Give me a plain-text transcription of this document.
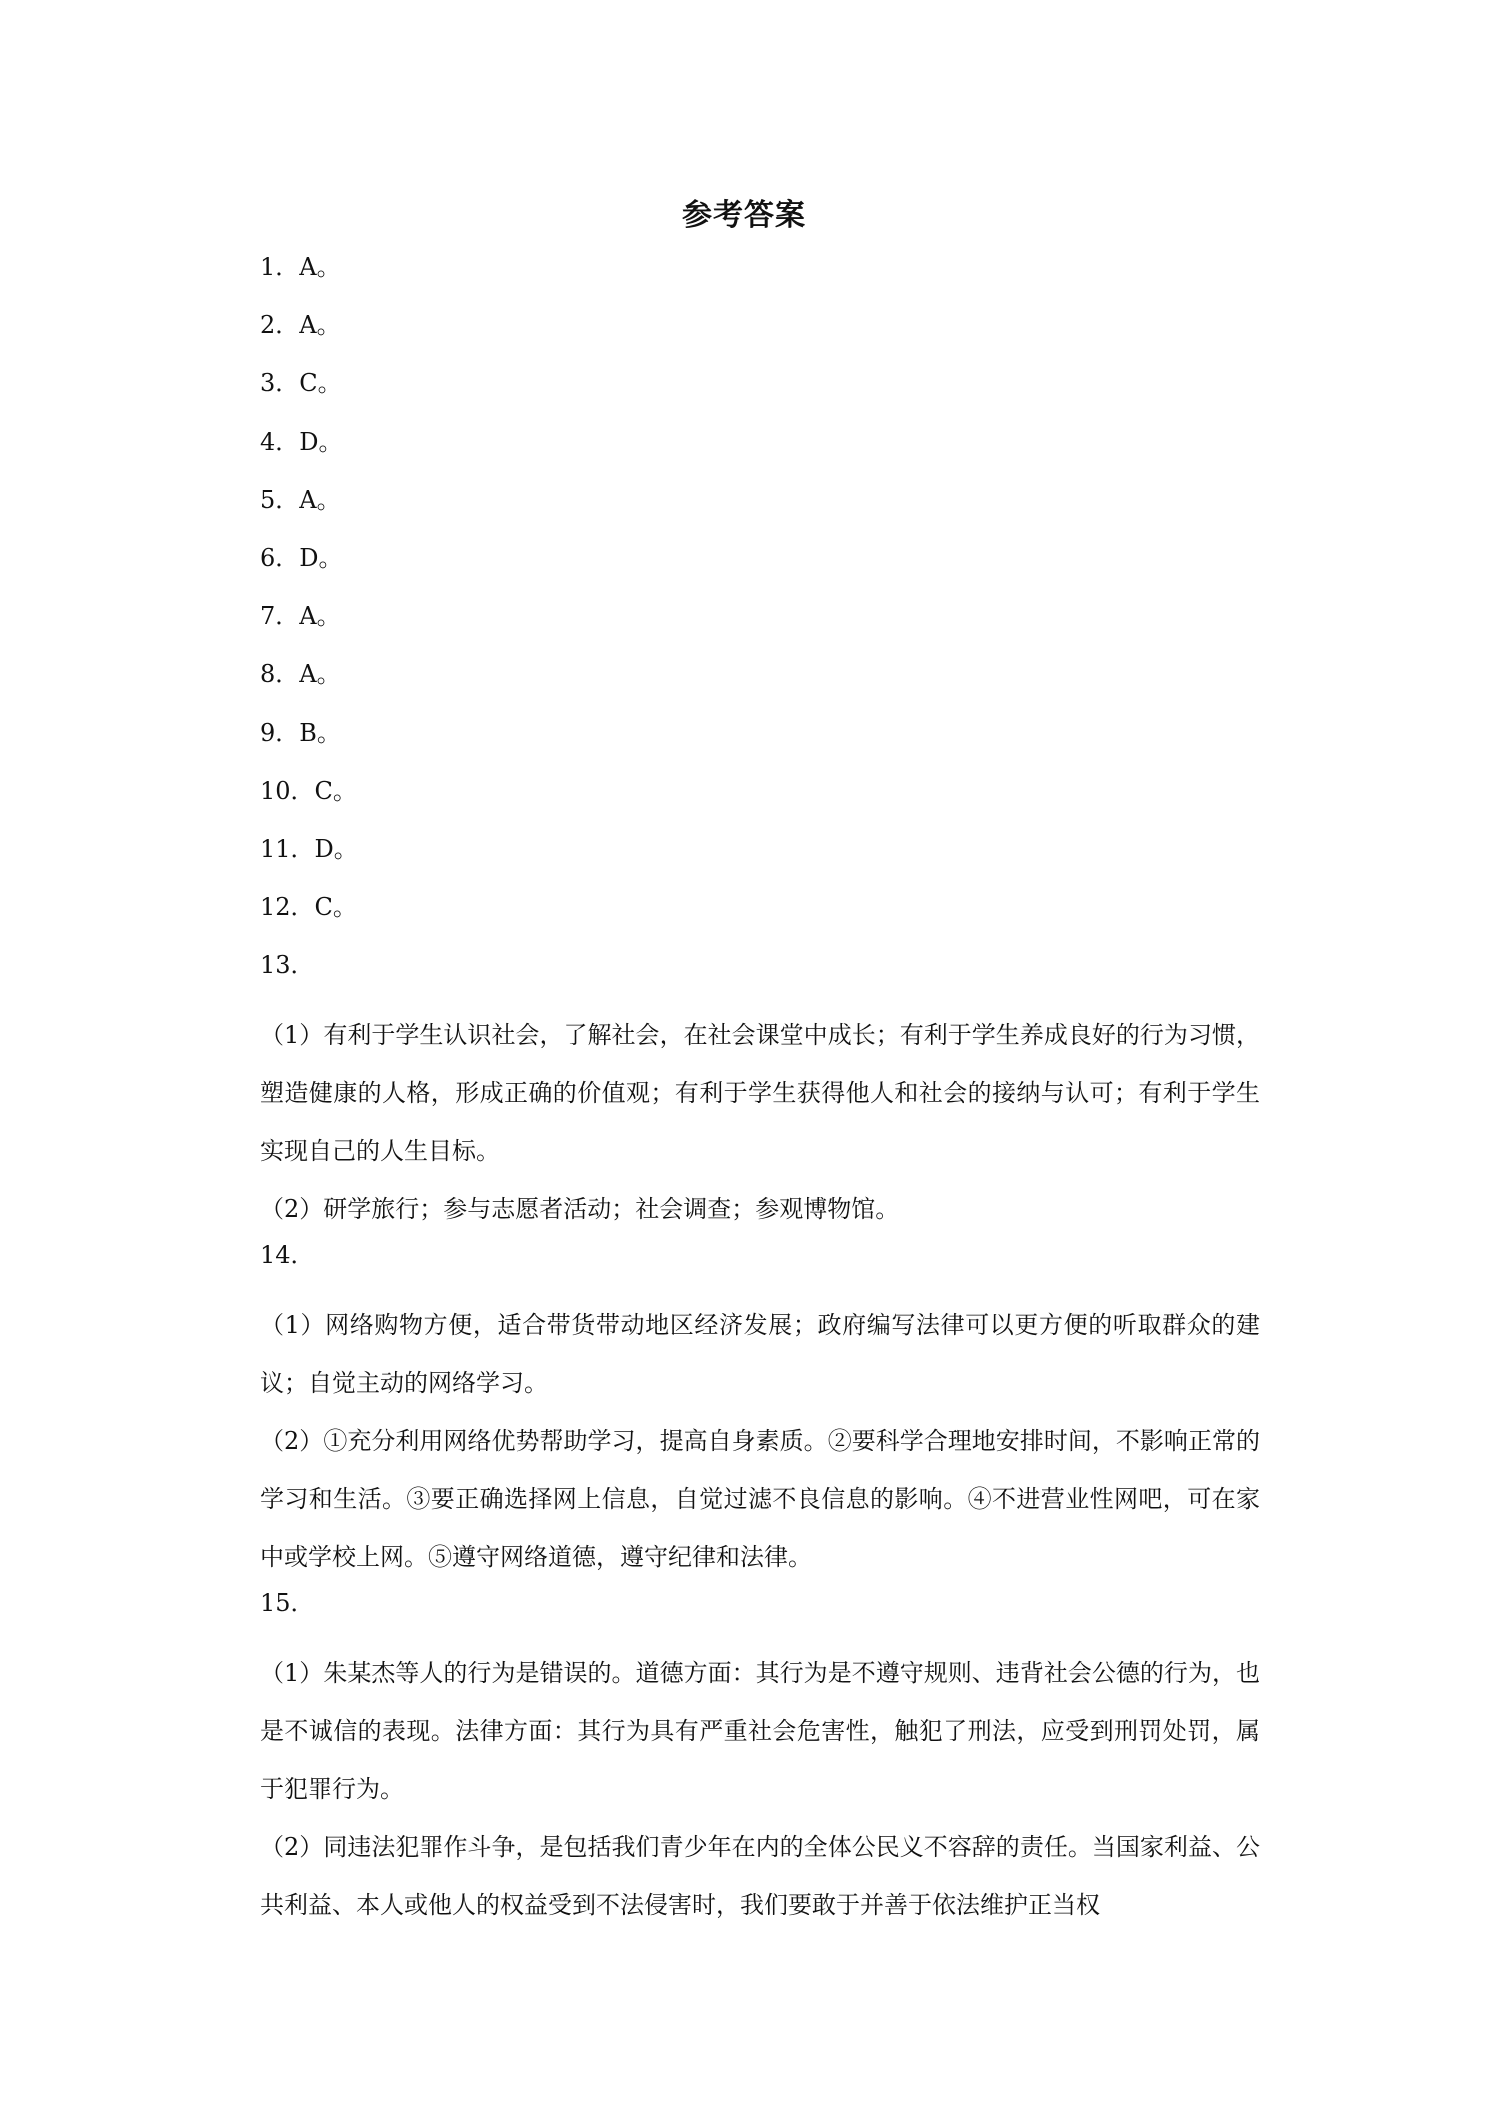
参考答案
1．A。
2．A。
3．C。
4．D。
5．A。
6．D。
7．A。
8．A。
9．B。
10．C。
11．D。
12．C。
13．

（1）有利于学生认识社会，了解社会，在社会课堂中成长；有利于学生养成良好的行为习惯，塑造健康的人格，形成正确的价值观；有利于学生获得他人和社会的接纳与认可；有利于学生实现自己的人生目标。

（2）研学旅行；参与志愿者活动；社会调查；参观博物馆。

14．

（1）网络购物方便，适合带货带动地区经济发展；政府编写法律可以更方便的听取群众的建议；自觉主动的网络学习。

（2）①充分利用网络优势帮助学习，提高自身素质。②要科学合理地安排时间，不影响正常的学习和生活。③要正确选择网上信息，自觉过滤不良信息的影响。④不进营业性网吧，可在家中或学校上网。⑤遵守网络道德，遵守纪律和法律。

15．

（1）朱某杰等人的行为是错误的。道德方面：其行为是不遵守规则、违背社会公德的行为，也是不诚信的表现。法律方面：其行为具有严重社会危害性，触犯了刑法，应受到刑罚处罚，属于犯罪行为。

（2）同违法犯罪作斗争，是包括我们青少年在内的全体公民义不容辞的责任。当国家利益、公共利益、本人或他人的权益受到不法侵害时，我们要敢于并善于依法维护正当权
